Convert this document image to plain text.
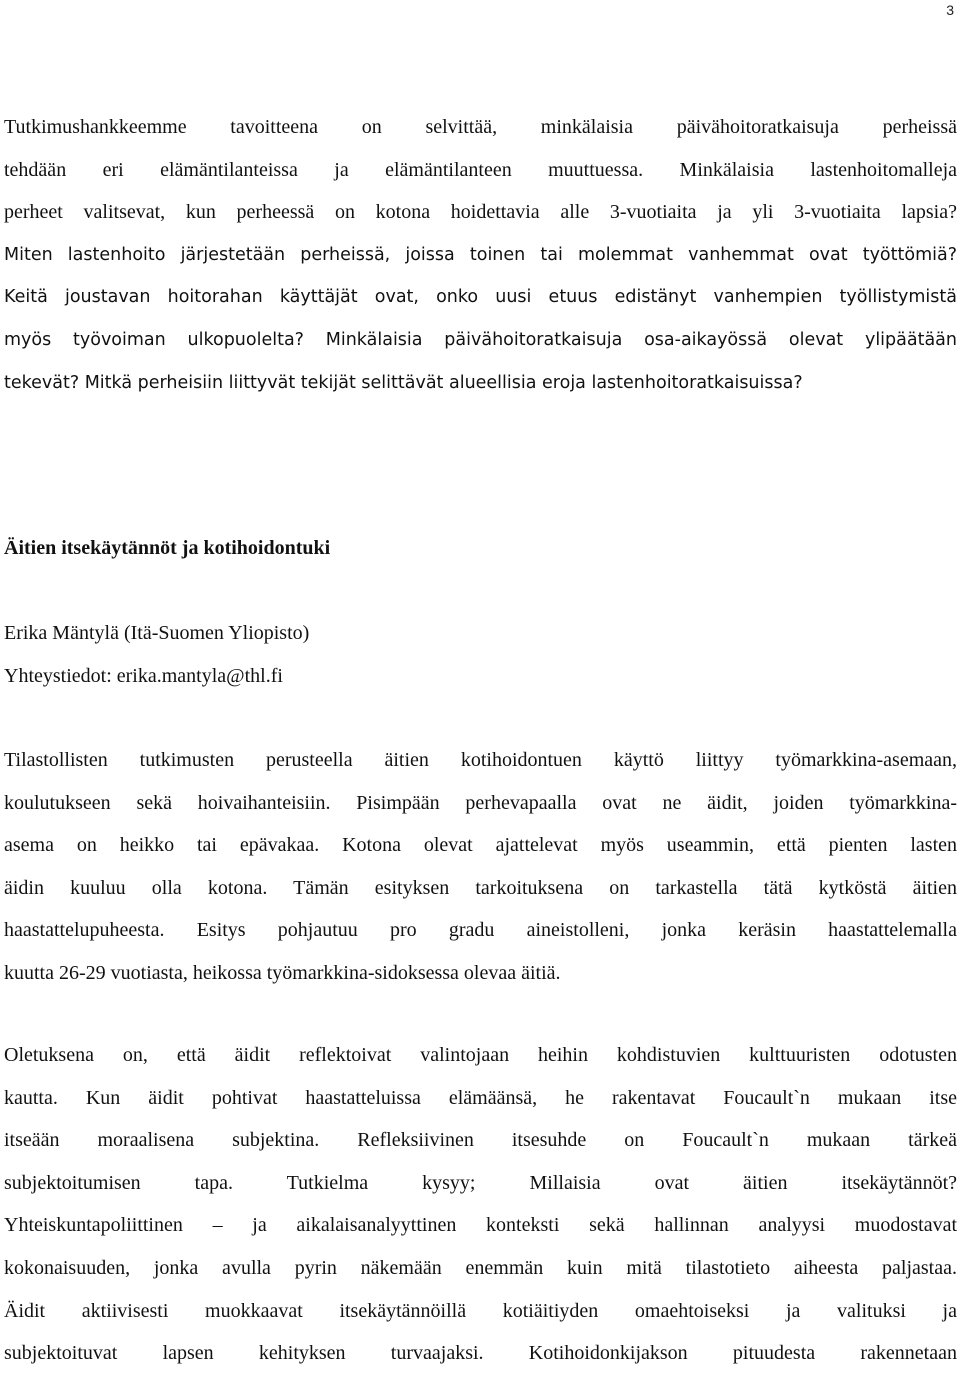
3
Tutkimushankkeemme tavoitteena on selvittää, minkälaisia päivähoitoratkaisuja perheissä
tehdään eri elämäntilanteissa ja elämäntilanteen muuttuessa. Minkälaisia lastenhoitomalleja
perheet valitsevat, kun perheessä on kotona hoidettavia alle 3-vuotiaita ja yli 3-vuotiaita lapsia?
Miten lastenhoito järjestetään perheissä, joissa toinen tai molemmat vanhemmat ovat työttömiä?
Keitä joustavan hoitorahan käyttäjät ovat, onko uusi etuus edistänyt vanhempien työllistymistä
myös työvoiman ulkopuolelta? Minkälaisia päivähoitoratkaisuja osa-aikayössä olevat ylipäätään
tekevät? Mitkä perheisiin liittyvät tekijät selittävät alueellisia eroja lastenhoitoratkaisuissa?
Äitien itsekäytännöt ja kotihoidontuki
Erika Mäntylä (Itä-Suomen Yliopisto)
Yhteystiedot: erika.mantyla@thl.fi
Tilastollisten tutkimusten perusteella äitien kotihoidontuen käyttö liittyy työmarkkina-asemaan,
koulutukseen sekä hoivaihanteisiin. Pisimpään perhevapaalla ovat ne äidit, joiden työmarkkina-
asema on heikko tai epävakaa. Kotona olevat ajattelevat myös useammin, että pienten lasten
äidin kuuluu olla kotona. Tämän esityksen tarkoituksena on tarkastella tätä kytköstä äitien
haastattelupuheesta. Esitys pohjautuu pro gradu aineistolleni, jonka keräsin haastattelemalla
kuutta 26-29 vuotiasta, heikossa työmarkkina-sidoksessa olevaa äitiä.
Oletuksena on, että äidit reflektoivat valintojaan heihin kohdistuvien kulttuuristen odotusten
kautta. Kun äidit pohtivat haastatteluissa elämäänsä, he rakentavat Foucault`n mukaan itse
itseään moraalisena subjektina. Refleksiivinen itsesuhde on Foucault`n mukaan tärkeä
subjektoitumisen tapa. Tutkielma kysyy; Millaisia ovat äitien itsekäytännöt?
Yhteiskuntapoliittinen – ja aikalaisanalyyttinen konteksti sekä hallinnan analyysi muodostavat
kokonaisuuden, jonka avulla pyrin näkemään enemmän kuin mitä tilastotieto aiheesta paljastaa.
Äidit aktiivisesti muokkaavat itsekäytännöillä kotiäitiyden omaehtoiseksi ja valituksi ja
subjektoituvat lapsen kehityksen turvaajaksi. Kotihoidonkijakson pituudesta rakennetaan
